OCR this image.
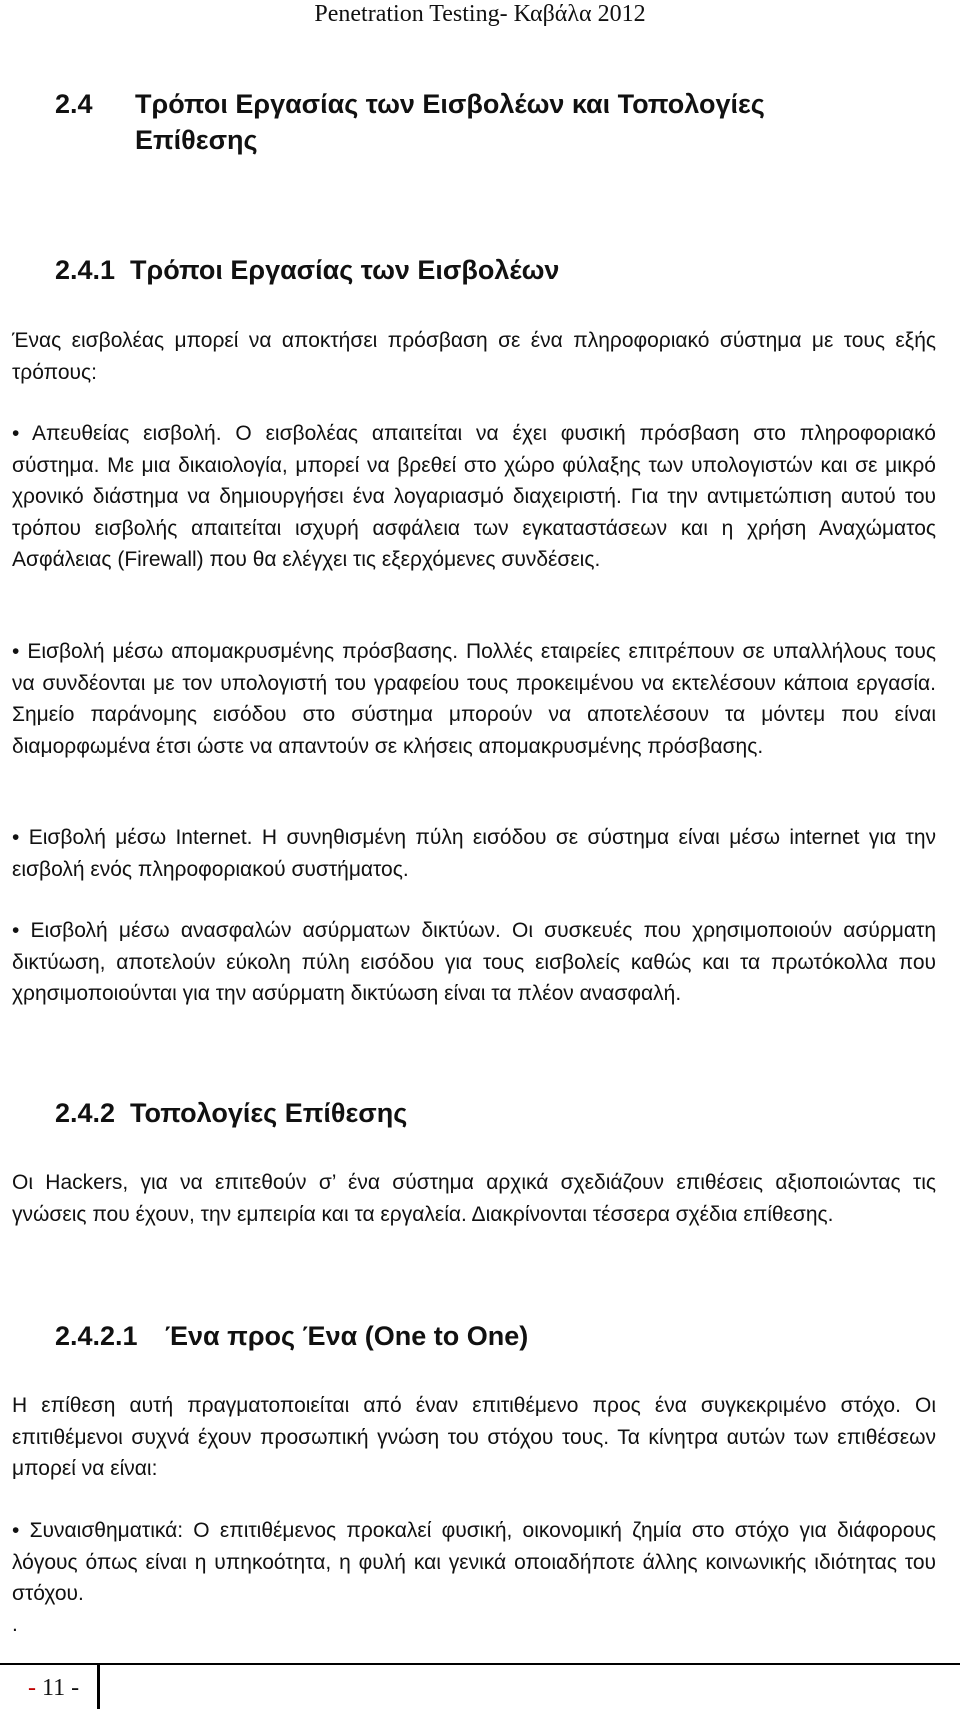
Penetration Testing- Καβάλα 2012
2.4 Τρόποι Εργασίας των Εισβολέων και Τοπολογίες
Επίθεσης
2.4.1 Τρόποι Εργασίας των Εισβολέων
Ένας εισβολέας μπορεί να αποκτήσει πρόσβαση σε ένα πληροφοριακό σύστημα με τους εξής τρόπους:
• Απευθείας εισβολή. Ο εισβολέας απαιτείται να έχει φυσική πρόσβαση στο πληροφοριακό σύστημα. Με μια δικαιολογία, μπορεί να βρεθεί στο χώρο φύλαξης των υπολογιστών και σε μικρό χρονικό διάστημα να δημιουργήσει ένα λογαριασμό διαχειριστή. Για την αντιμετώπιση αυτού του τρόπου εισβολής απαιτείται ισχυρή ασφάλεια των εγκαταστάσεων και η χρήση Αναχώματος Ασφάλειας (Firewall) που θα ελέγχει τις εξερχόμενες συνδέσεις.
• Εισβολή μέσω απομακρυσμένης πρόσβασης. Πολλές εταιρείες επιτρέπουν σε υπαλλήλους τους να συνδέονται με τον υπολογιστή του γραφείου τους προκειμένου να εκτελέσουν κάποια εργασία. Σημείο παράνομης εισόδου στο σύστημα μπορούν να αποτελέσουν τα μόντεμ που είναι διαμορφωμένα έτσι ώστε να απαντούν σε κλήσεις απομακρυσμένης πρόσβασης.
• Εισβολή μέσω Internet. Η συνηθισμένη πύλη εισόδου σε σύστημα είναι μέσω internet για την εισβολή ενός πληροφοριακού συστήματος.
• Εισβολή μέσω ανασφαλών ασύρματων δικτύων. Οι συσκευές που χρησιμοποιούν ασύρματη δικτύωση, αποτελούν εύκολη πύλη εισόδου για τους εισβολείς καθώς και τα πρωτόκολλα που χρησιμοποιούνται για την ασύρματη δικτύωση είναι τα πλέον ανασφαλή.
2.4.2 Τοπολογίες Επίθεσης
Οι Hackers, για να επιτεθούν σ’ ένα σύστημα αρχικά σχεδιάζουν επιθέσεις αξιοποιώντας τις γνώσεις που έχουν, την εμπειρία και τα εργαλεία. Διακρίνονται τέσσερα σχέδια επίθεσης.
2.4.2.1 Ένα προς Ένα (One to One)
Η επίθεση αυτή πραγματοποιείται από έναν επιτιθέμενο προς ένα συγκεκριμένο στόχο. Οι επιτιθέμενοι συχνά έχουν προσωπική γνώση του στόχου τους. Τα κίνητρα αυτών των επιθέσεων μπορεί να είναι:
• Συναισθηματικά: Ο επιτιθέμενος προκαλεί φυσική, οικονομική ζημία στο στόχο για διάφορους λόγους όπως είναι η υπηκοότητα, η φυλή και γενικά οποιαδήποτε άλλης κοινωνικής ιδιότητας του στόχου.
.
- 11 -
